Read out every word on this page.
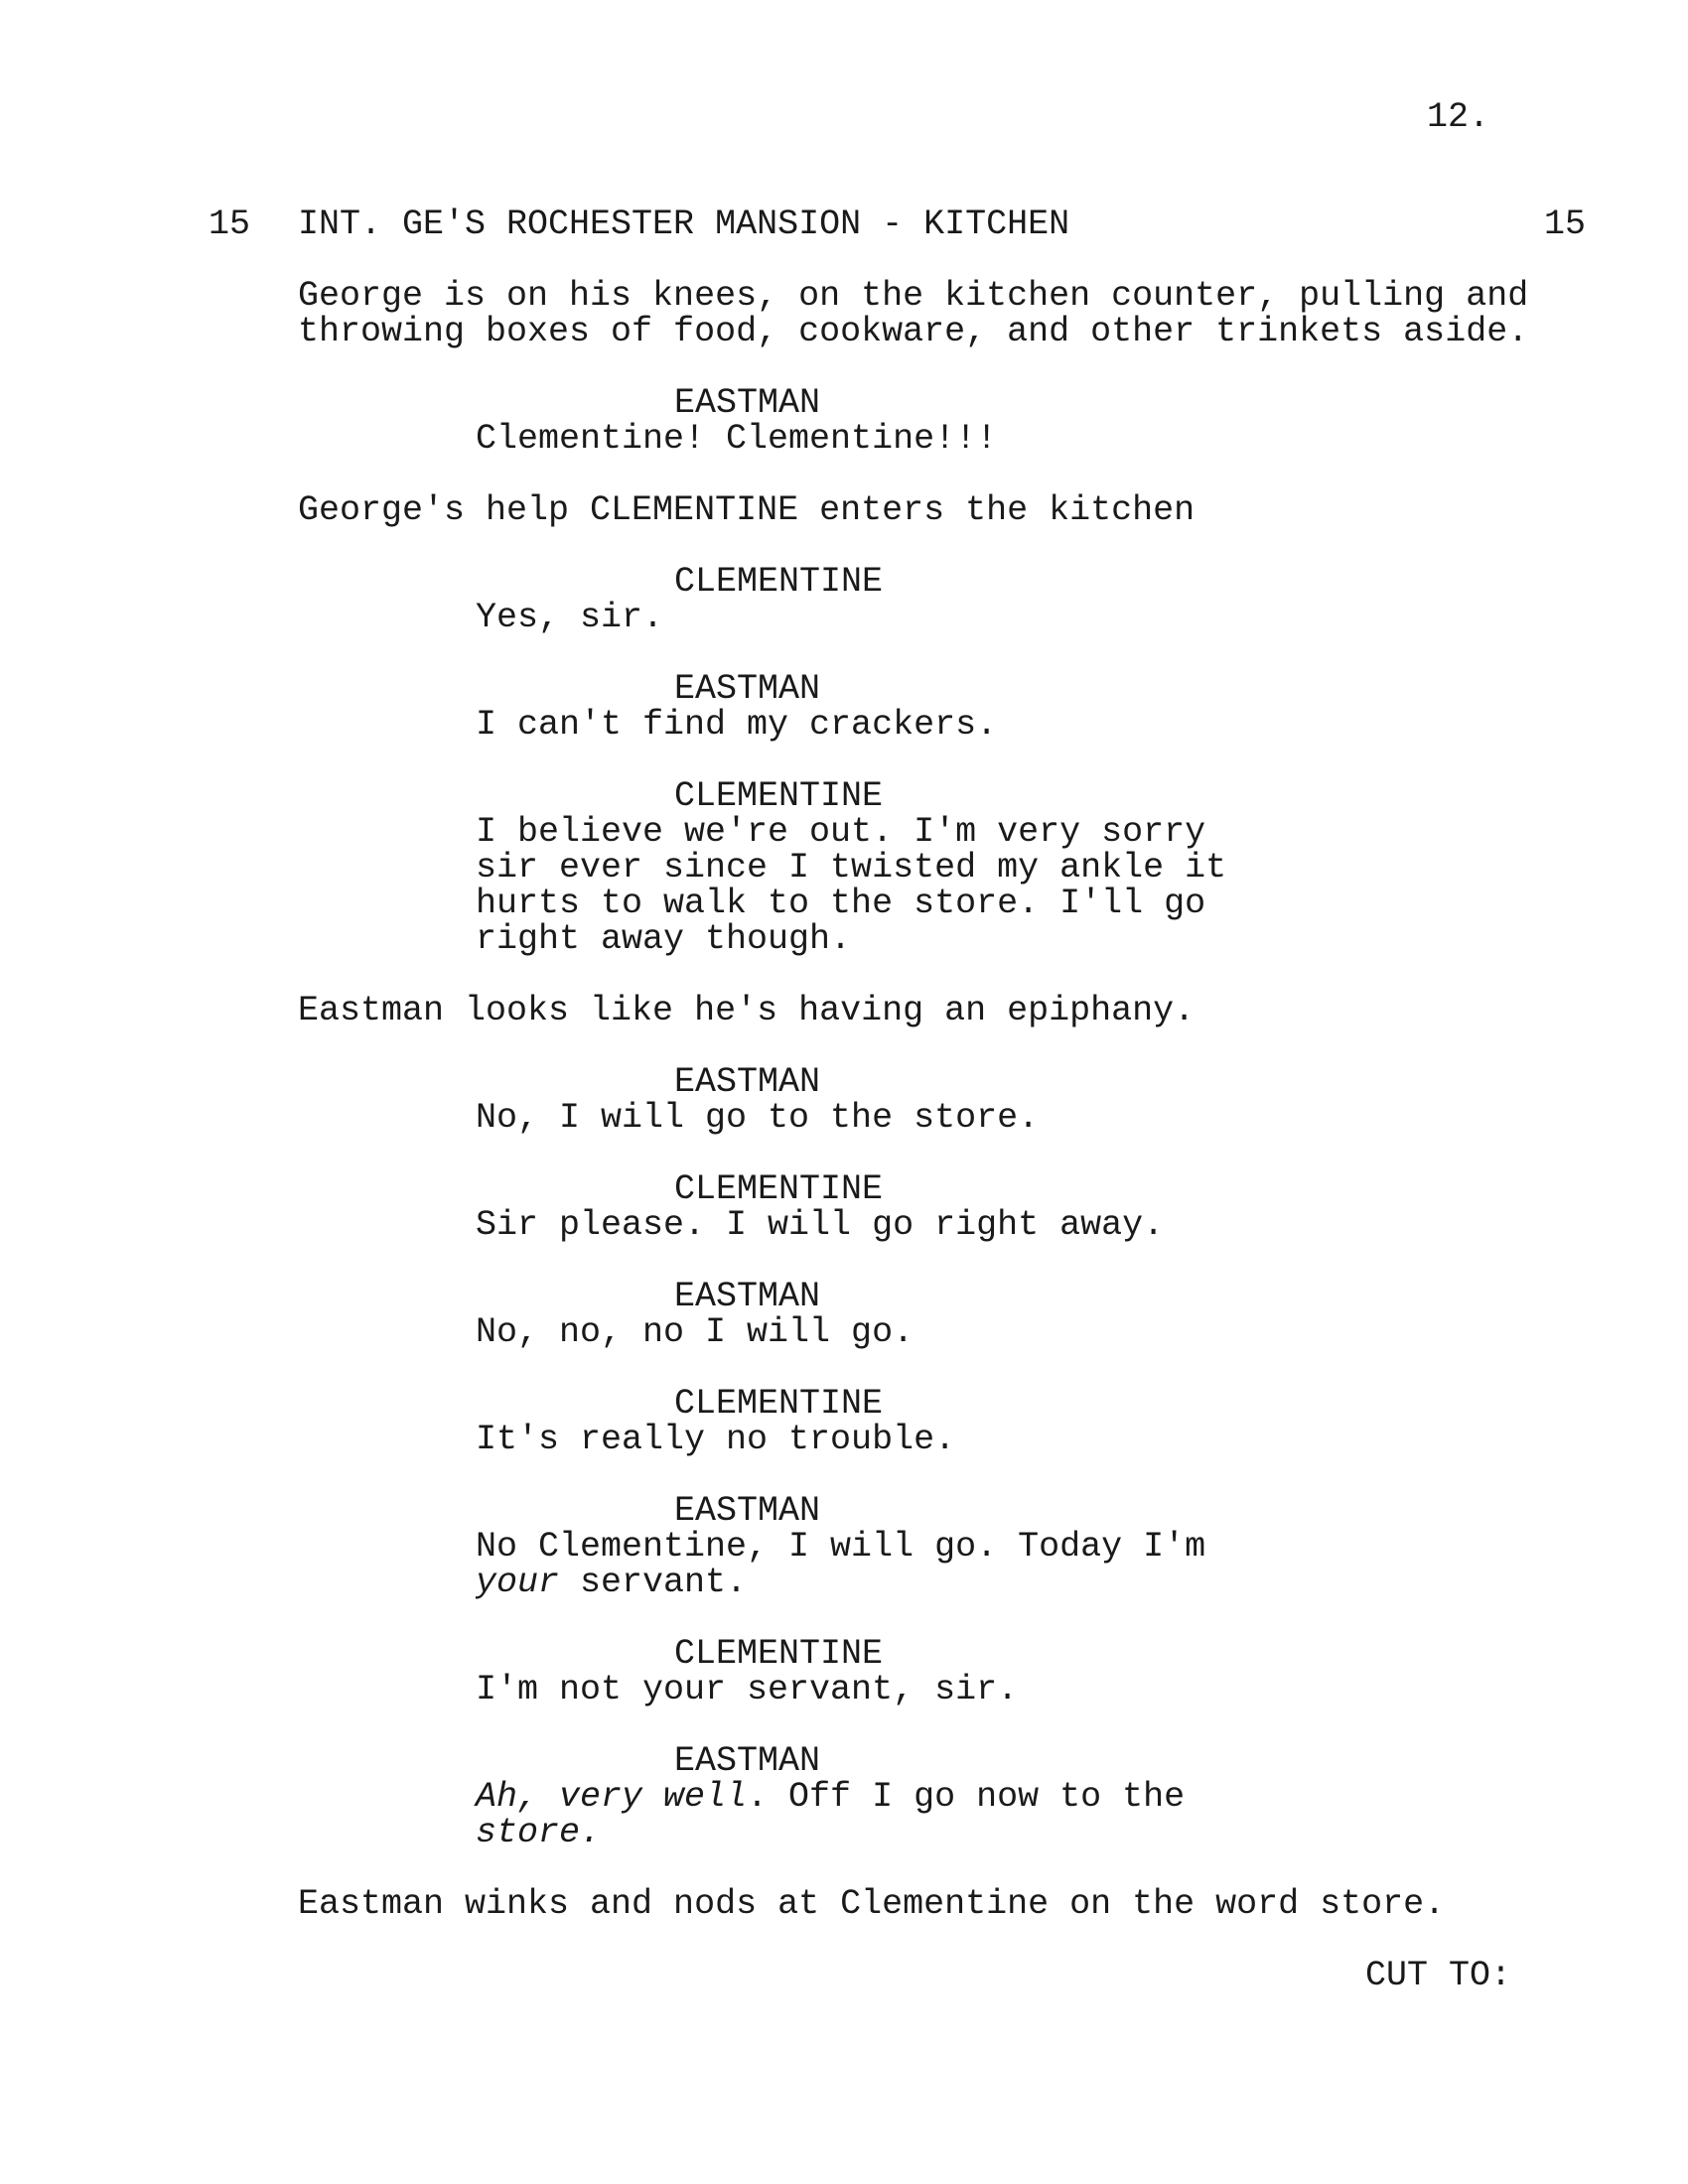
12.
15 INT. GE'S ROCHESTER MANSION - KITCHEN	15
George is on his knees, on the kitchen counter, pulling and
throwing boxes of food, cookware, and other trinkets aside.
EASTMAN
Clementine! Clementine!!!
George's help CLEMENTINE enters the kitchen
CLEMENTINE
Yes, sir.
EASTMAN
I can't find my crackers.
CLEMENTINE
I believe we're out. I'm very sorry
sir ever since I twisted my ankle it
hurts to walk to the store. I'll go
right away though.
Eastman looks like he's having an epiphany.
EASTMAN
No, I will go to the store.
CLEMENTINE
Sir please. I will go right away.
EASTMAN
No, no, no I will go.
CLEMENTINE
It's really no trouble.
EASTMAN
No Clementine, I will go. Today I'm
your servant.
CLEMENTINE
I'm not your servant, sir.
EASTMAN
Ah, very well. Off I go now to the
store.
Eastman winks and nods at Clementine on the word store.
CUT TO:
